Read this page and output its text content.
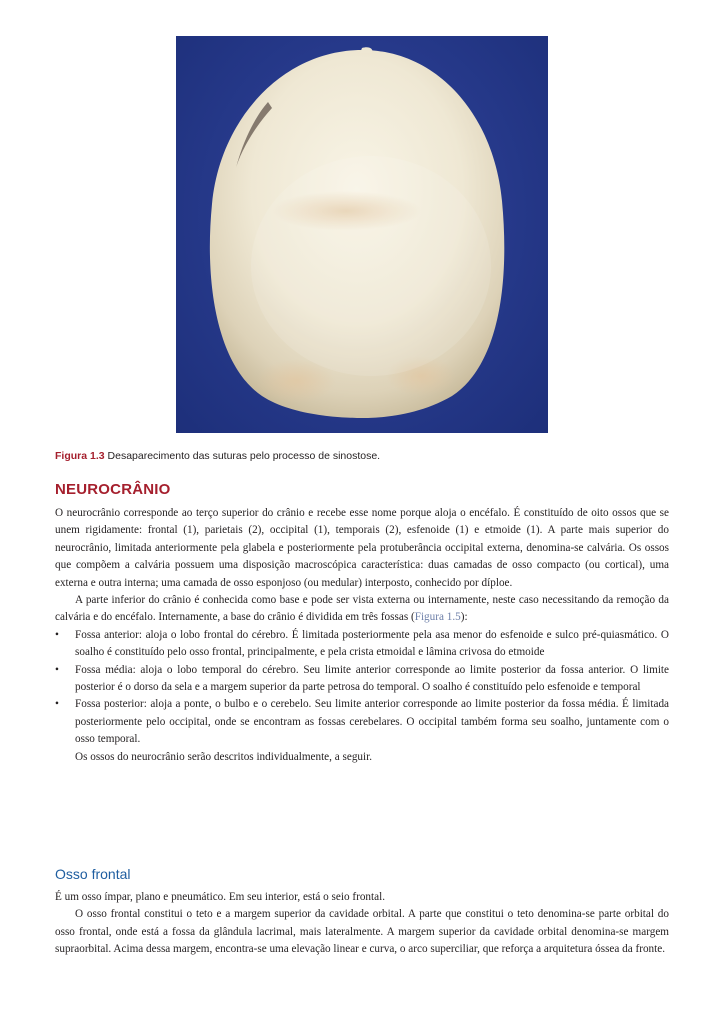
Figura 1.3 Desaparecimento das suturas pelo processo de sinostose.
NEUROCRÂNIO

O neurocrânio corresponde ao terço superior do crânio e recebe esse nome porque aloja o encéfalo. É constituído de oito ossos que se unem rigidamente: frontal (1), parietais (2), occipital (1), temporais (2), esfenoide (1) e etmoide (1). A parte mais superior do neurocrânio, limitada anteriormente pela glabela e posteriormente pela protuberância occipital externa, denomina-se calvária. Os ossos que compõem a calvária possuem uma disposição macroscópica característica: duas camadas de osso compacto (ou cortical), uma externa e outra interna; uma camada de osso esponjoso (ou medular) interposto, conhecido por díploe.

A parte inferior do crânio é conhecida como base e pode ser vista externa ou internamente, neste caso necessitando da remoção da calvária e do encéfalo. Internamente, a base do crânio é dividida em três fossas (Figura 1.5):

• Fossa anterior: aloja o lobo frontal do cérebro. É limitada posteriormente pela asa menor do esfenoide e sulco pré-quiasmático. O soalho é constituído pelo osso frontal, principalmente, e pela crista etmoidal e lâmina crivosa do etmoide
• Fossa média: aloja o lobo temporal do cérebro. Seu limite anterior corresponde ao limite posterior da fossa anterior. O limite posterior é o dorso da sela e a margem superior da parte petrosa do temporal. O soalho é constituído pelo esfenoide e temporal
• Fossa posterior: aloja a ponte, o bulbo e o cerebelo. Seu limite anterior corresponde ao limite posterior da fossa média. É limitada posteriormente pelo occipital, onde se encontram as fossas cerebelares. O occipital também forma seu soalho, juntamente com o osso temporal.

Os ossos do neurocrânio serão descritos individualmente, a seguir.

Osso frontal

É um osso ímpar, plano e pneumático. Em seu interior, está o seio frontal.

O osso frontal constitui o teto e a margem superior da cavidade orbital. A parte que constitui o teto denomina-se parte orbital do osso frontal, onde está a fossa da glândula lacrimal, mais lateralmente. A margem superior da cavidade orbital denomina-se margem supraorbital. Acima dessa margem, encontra-se uma elevação linear e curva, o arco superciliar, que reforça a arquitetura óssea da fronte.
